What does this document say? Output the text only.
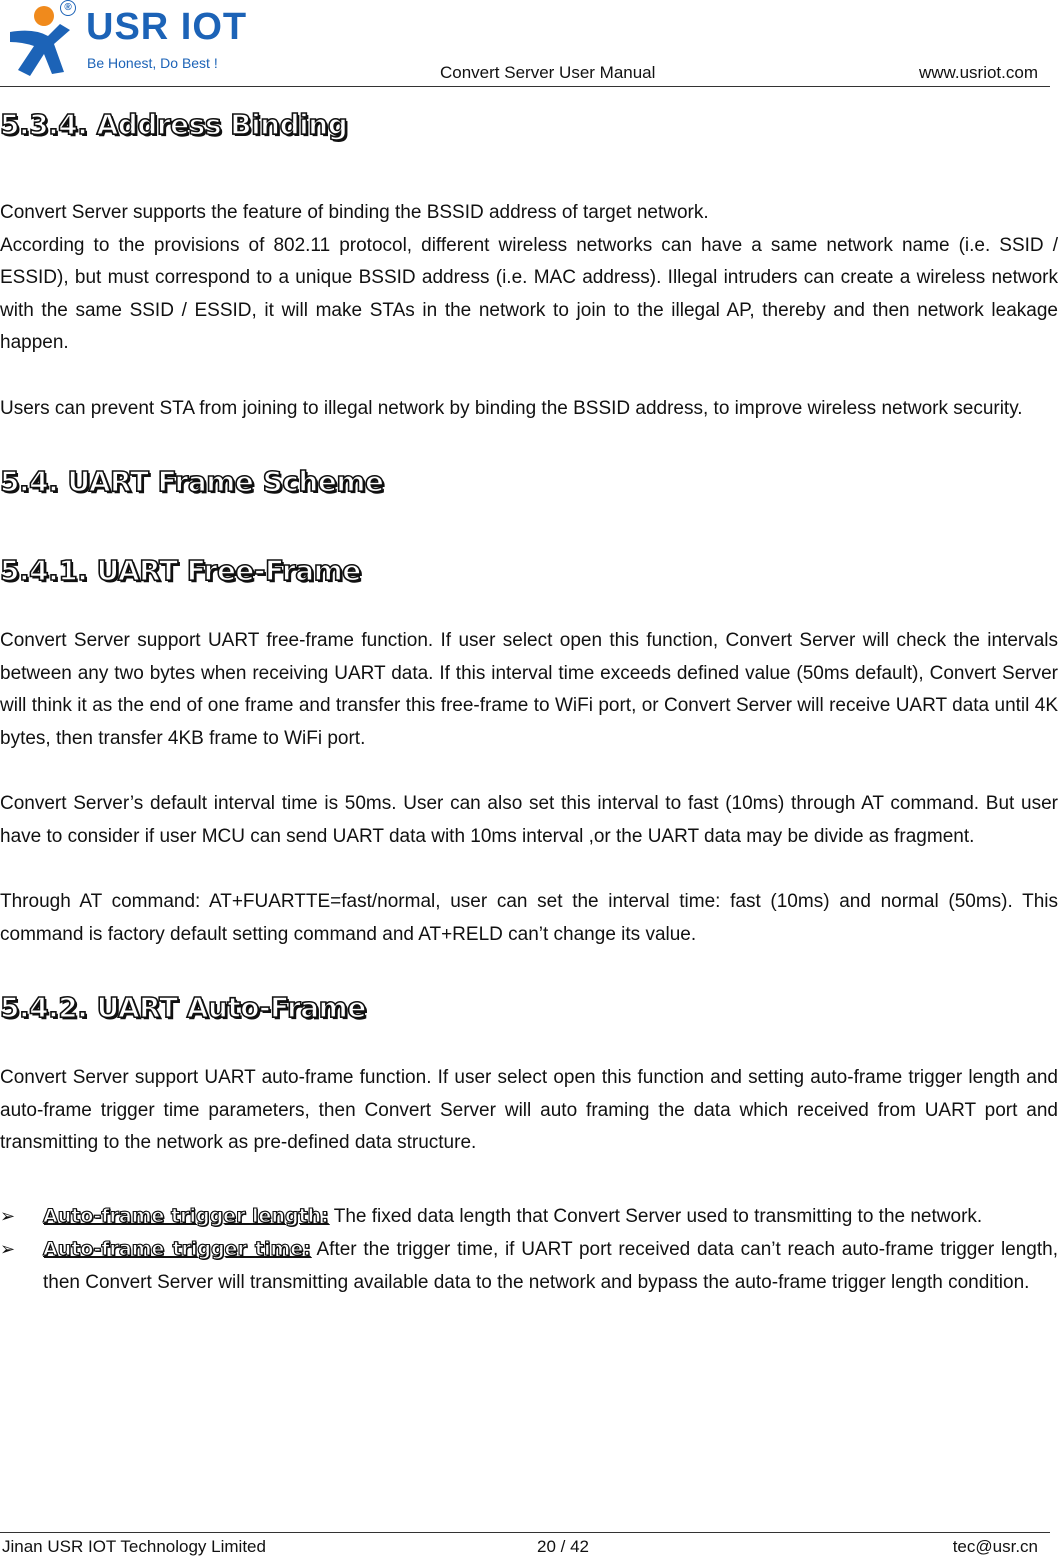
® USR IOT
Be Honest, Do Best !	Convert Server User Manual	www.usriot.com
5.3.4. Address Binding

Convert Server supports the feature of binding the BSSID address of target network.

According to the provisions of 802.11 protocol, different wireless networks can have a same network name (i.e. SSID / ESSID), but must correspond to a unique BSSID address (i.e. MAC address). Illegal intruders can create a wireless network with the same SSID / ESSID, it will make STAs in the network to join to the illegal AP, thereby and then network leakage happen.

Users can prevent STA from joining to illegal network by binding the BSSID address, to improve wireless network security.

5.4. UART Frame Scheme
5.4.1. UART Free-Frame

Convert Server support UART free-frame function. If user select open this function, Convert Server will check the intervals between any two bytes when receiving UART data. If this interval time exceeds defined value (50ms default), Convert Server will think it as the end of one frame and transfer this free-frame to WiFi port, or Convert Server will receive UART data until 4K bytes, then transfer 4KB frame to WiFi port.

Convert Server’s default interval time is 50ms. User can also set this interval to fast (10ms) through AT command. But user have to consider if user MCU can send UART data with 10ms interval ,or the UART data may be divide as fragment.

Through AT command: AT+FUARTTE=fast/normal, user can set the interval time: fast (10ms) and normal (50ms). This command is factory default setting command and AT+RELD can’t change its value.

5.4.2. UART Auto-Frame

Convert Server support UART auto-frame function. If user select open this function and setting auto-frame trigger length and auto-frame trigger time parameters, then Convert Server will auto framing the data which received from UART port and transmitting to the network as pre-defined data structure.

➢ Auto-frame trigger length: The fixed data length that Convert Server used to transmitting to the network.
➢ Auto-frame trigger time: After the trigger time, if UART port received data can’t reach auto-frame trigger length, then Convert Server will transmitting available data to the network and bypass the auto-frame trigger length condition.
Jinan USR IOT Technology Limited	20 / 42	tec@usr.cn
